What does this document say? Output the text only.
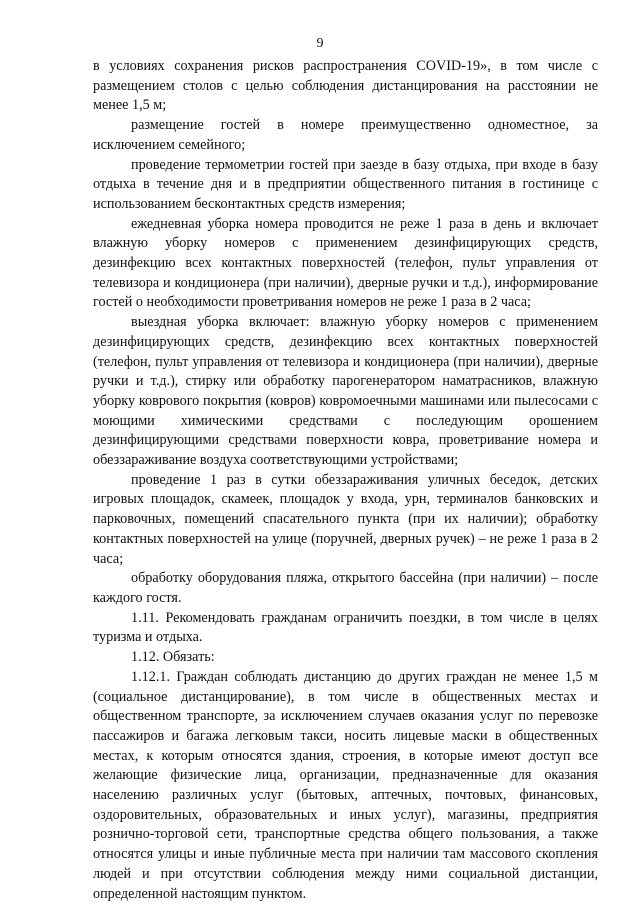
9

в условиях сохранения рисков распространения COVID-19», в том числе с размещением столов с целью соблюдения дистанцирования на расстоянии не менее 1,5 м;

размещение гостей в номере преимущественно одноместное, за исключением семейного;

проведение термометрии гостей при заезде в базу отдыха, при входе в базу отдыха в течение дня и в предприятии общественного питания в гостинице с использованием бесконтактных средств измерения;

ежедневная уборка номера проводится не реже 1 раза в день и включает влажную уборку номеров с применением дезинфицирующих средств, дезинфекцию всех контактных поверхностей (телефон, пульт управления от телевизора и кондиционера (при наличии), дверные ручки и т.д.), информирование гостей о необходимости проветривания номеров не реже 1 раза в 2 часа;

выездная уборка включает: влажную уборку номеров с применением дезинфицирующих средств, дезинфекцию всех контактных поверхностей (телефон, пульт управления от телевизора и кондиционера (при наличии), дверные ручки и т.д.), стирку или обработку парогенератором наматрасников, влажную уборку коврового покрытия (ковров) ковромоечными машинами или пылесосами с моющими химическими средствами с последующим орошением дезинфицирующими средствами поверхности ковра, проветривание номера и обеззараживание воздуха соответствующими устройствами;

проведение 1 раз в сутки обеззараживания уличных беседок, детских игровых площадок, скамеек, площадок у входа, урн, терминалов банковских и парковочных, помещений спасательного пункта (при их наличии); обработку контактных поверхностей на улице (поручней, дверных ручек) – не реже 1 раза в 2 часа;

обработку оборудования пляжа, открытого бассейна (при наличии) – после каждого гостя.

1.11. Рекомендовать гражданам ограничить поездки, в том числе в целях туризма и отдыха.

1.12. Обязать:

1.12.1. Граждан соблюдать дистанцию до других граждан не менее 1,5 м (социальное дистанцирование), в том числе в общественных местах и общественном транспорте, за исключением случаев оказания услуг по перевозке пассажиров и багажа легковым такси, носить лицевые маски в общественных местах, к которым относятся здания, строения, в которые имеют доступ все желающие физические лица, организации, предназначенные для оказания населению различных услуг (бытовых, аптечных, почтовых, финансовых, оздоровительных, образовательных и иных услуг), магазины, предприятия рознично-торговой сети, транспортные средства общего пользования, а также относятся улицы и иные публичные места при наличии там массового скопления людей и при отсутствии соблюдения между ними социальной дистанции, определенной настоящим пунктом.
